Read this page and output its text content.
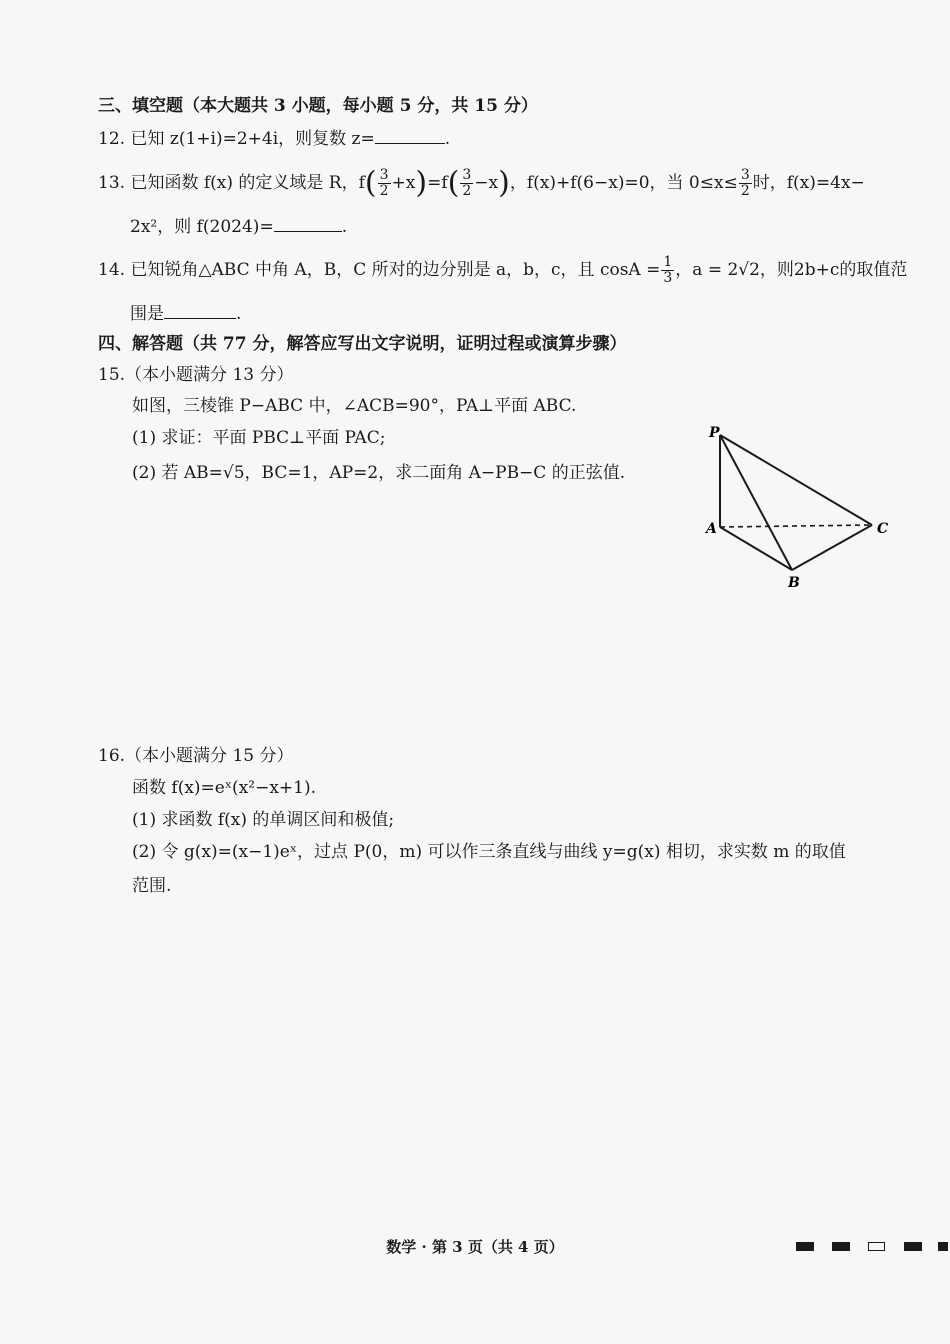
三、填空题（本大题共 3 小题，每小题 5 分，共 15 分）
12. 已知 z(1+i)=2+4i，则复数 z=	.
13. 已知函数 f(x) 的定义域是 R，$f( \frac{3}{2} +x)=f( \frac{3}{2} -x)$，f(x)+f(6−x)=0，当 $0\le x\le \frac{3}{2}$ 时，f(x)=4x−
2x²，则 f(2024)=	.
14. 已知锐角△ABC 中角 A，B，C 所对的边分别是 a，b，c，且 $\cos A = \frac{1}{3}$ ，a = 2√2，则2b+c的取值范
围是	.
四、解答题（共 77 分，解答应写出文字说明，证明过程或演算步骤）
15.（本小题满分 13 分）
如图，三棱锥 P−ABC 中，∠ACB=90°，PA⊥平面 ABC.
(1) 求证：平面 PBC⊥平面 PAC;
(2) 若 AB=√5，BC=1，AP=2，求二面角 A−PB−C 的正弦值.
P
A
B
C
16.（本小题满分 15 分）
函数 f(x)=eˣ(x²−x+1).
(1) 求函数 f(x) 的单调区间和极值;
(2) 令 g(x)=(x−1)eˣ，过点 P(0，m) 可以作三条直线与曲线 y=g(x) 相切，求实数 m 的取值
范围.
数学 · 第 3 页（共 4 页）
